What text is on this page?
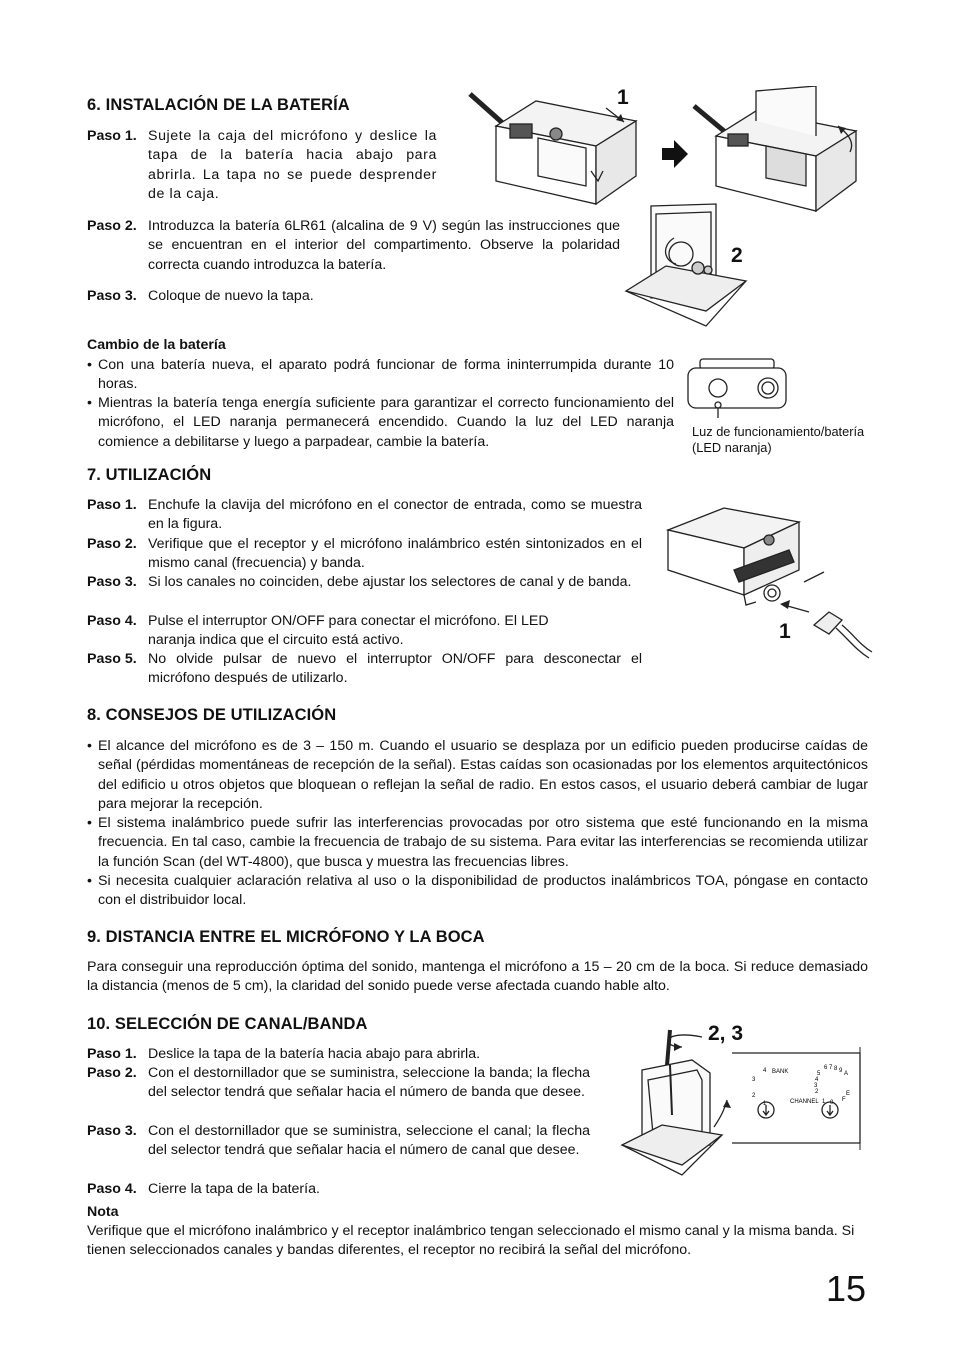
6. INSTALACIÓN DE LA BATERÍA
Paso 1. Sujete la caja del micrófono y deslice la tapa de la batería hacia abajo para abrirla. La tapa no se puede desprender de la caja.
Paso 2. Introduzca la batería 6LR61 (alcalina de 9 V) según las instrucciones que se encuentran en el interior del compartimento. Observe la polaridad correcta cuando introduzca la batería.
Paso 3. Coloque de nuevo la tapa.
1
2
Cambio de la batería
• Con una batería nueva, el aparato podrá funcionar de forma ininterrumpida durante 10 horas.
• Mientras la batería tenga energía suficiente para garantizar el correcto funcionamiento del micrófono, el LED naranja permanecerá encendido. Cuando la luz del LED naranja comience a debilitarse y luego a parpadear, cambie la batería.
Luz de funcionamiento/batería
(LED naranja)
7. UTILIZACIÓN
Paso 1. Enchufe la clavija del micrófono en el conector de entrada, como se muestra en la figura.
Paso 2. Verifique que el receptor y el micrófono inalámbrico estén sintonizados en el mismo canal (frecuencia) y banda.
Paso 3. Si los canales no coinciden, debe ajustar los selectores de canal y de banda.
Paso 4. Pulse el interruptor ON/OFF para conectar el micrófono. El LED naranja indica que el circuito está activo.
Paso 5. No olvide pulsar de nuevo el interruptor ON/OFF para desconectar el micrófono después de utilizarlo.
1
8. CONSEJOS DE UTILIZACIÓN
• El alcance del micrófono es de 3 – 150 m. Cuando el usuario se desplaza por un edificio pueden producirse caídas de señal (pérdidas momentáneas de recepción de la señal). Estas caídas son ocasionadas por los elementos arquitectónicos del edificio u otros objetos que bloquean o reflejan la señal de radio. En estos casos, el usuario deberá cambiar de lugar para mejorar la recepción.
• El sistema inalámbrico puede sufrir las interferencias provocadas por otro sistema que esté funcionando en la misma frecuencia. En tal caso, cambie la frecuencia de trabajo de su sistema. Para evitar las interferencias se recomienda utilizar la función Scan (del WT-4800), que busca y muestra las frecuencias libres.
• Si necesita cualquier aclaración relativa al uso o la disponibilidad de productos inalámbricos TOA, póngase en contacto con el distribuidor local.
9. DISTANCIA ENTRE EL MICRÓFONO Y LA BOCA
Para conseguir una reproducción óptima del sonido, mantenga el micrófono a 15 – 20 cm de la boca. Si reduce demasiado la distancia (menos de 5 cm), la claridad del sonido puede verse afectada cuando hable alto.
10. SELECCIÓN DE CANAL/BANDA
Paso 1. Deslice la tapa de la batería hacia abajo para abrirla.
Paso 2. Con el destornillador que se suministra, seleccione la banda; la flecha del selector tendrá que señalar hacia el número de banda que desee.
Paso 3. Con el destornillador que se suministra, seleccione el canal; la flecha del selector tendrá que señalar hacia el número de canal que desee.
Paso 4. Cierre la tapa de la batería.
Nota
Verifique que el micrófono inalámbrico y el receptor inalámbrico tengan seleccionado el mismo canal y la misma banda. Si tienen seleccionados canales y bandas diferentes, el receptor no recibirá la señal del micrófono.
BANK
CHANNEL
4
3
2
1
6 7 8 9 A
5
4
3
2
1 0 F
E
2, 3
15
